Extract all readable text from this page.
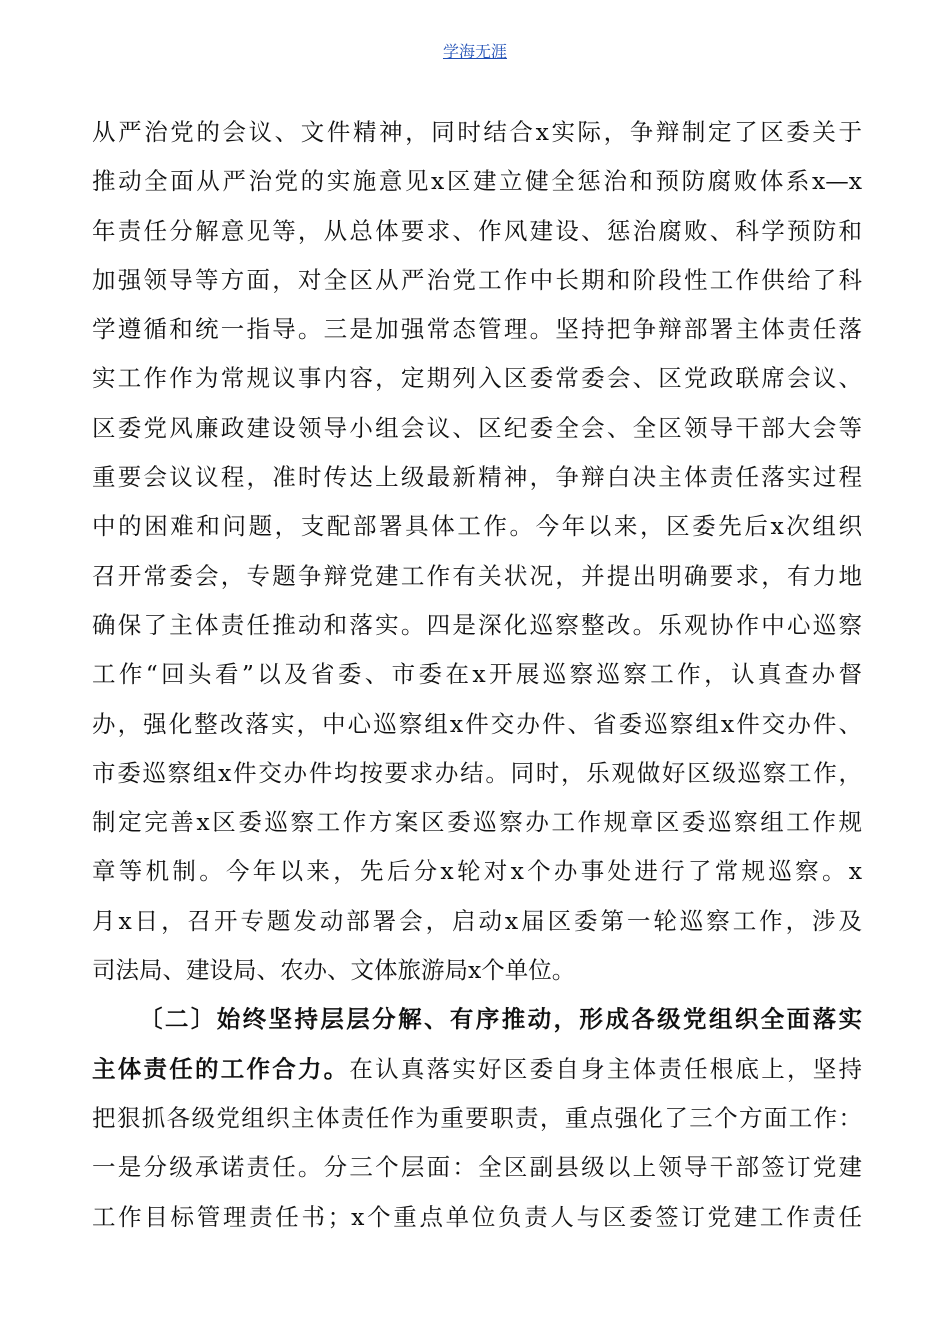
学海无涯
从严治党的会议、文件精神，同时结合x实际，争辩制定了区委关于
推动全面从严治党的实施意见x区建立健全惩治和预防腐败体系x—x
年责任分解意见等，从总体要求、作风建设、惩治腐败、科学预防和
加强领导等方面，对全区从严治党工作中长期和阶段性工作供给了科
学遵循和统一指导。三是加强常态管理。坚持把争辩部署主体责任落
实工作作为常规议事内容，定期列入区委常委会、区党政联席会议、
区委党风廉政建设领导小组会议、区纪委全会、全区领导干部大会等
重要会议议程，准时传达上级最新精神，争辩白决主体责任落实过程
中的困难和问题，支配部署具体工作。今年以来，区委先后x次组织
召开常委会，专题争辩党建工作有关状况，并提出明确要求，有力地
确保了主体责任推动和落实。四是深化巡察整改。乐观协作中心巡察
工作“回头看”以及省委、市委在x开展巡察巡察工作，认真查办督
办，强化整改落实，中心巡察组x件交办件、省委巡察组x件交办件、
市委巡察组x件交办件均按要求办结。同时，乐观做好区级巡察工作，
制定完善x区委巡察工作方案区委巡察办工作规章区委巡察组工作规
章等机制。今年以来，先后分x轮对x个办事处进行了常规巡察。x
月x日，召开专题发动部署会，启动x届区委第一轮巡察工作，涉及
司法局、建设局、农办、文体旅游局x个单位。
〔二〕始终坚持层层分解、有序推动，形成各级党组织全面落实
主体责任的工作合力。在认真落实好区委自身主体责任根底上，坚持
把狠抓各级党组织主体责任作为重要职责，重点强化了三个方面工作：
一是分级承诺责任。分三个层面：全区副县级以上领导干部签订党建
工作目标管理责任书；x个重点单位负责人与区委签订党建工作责任
